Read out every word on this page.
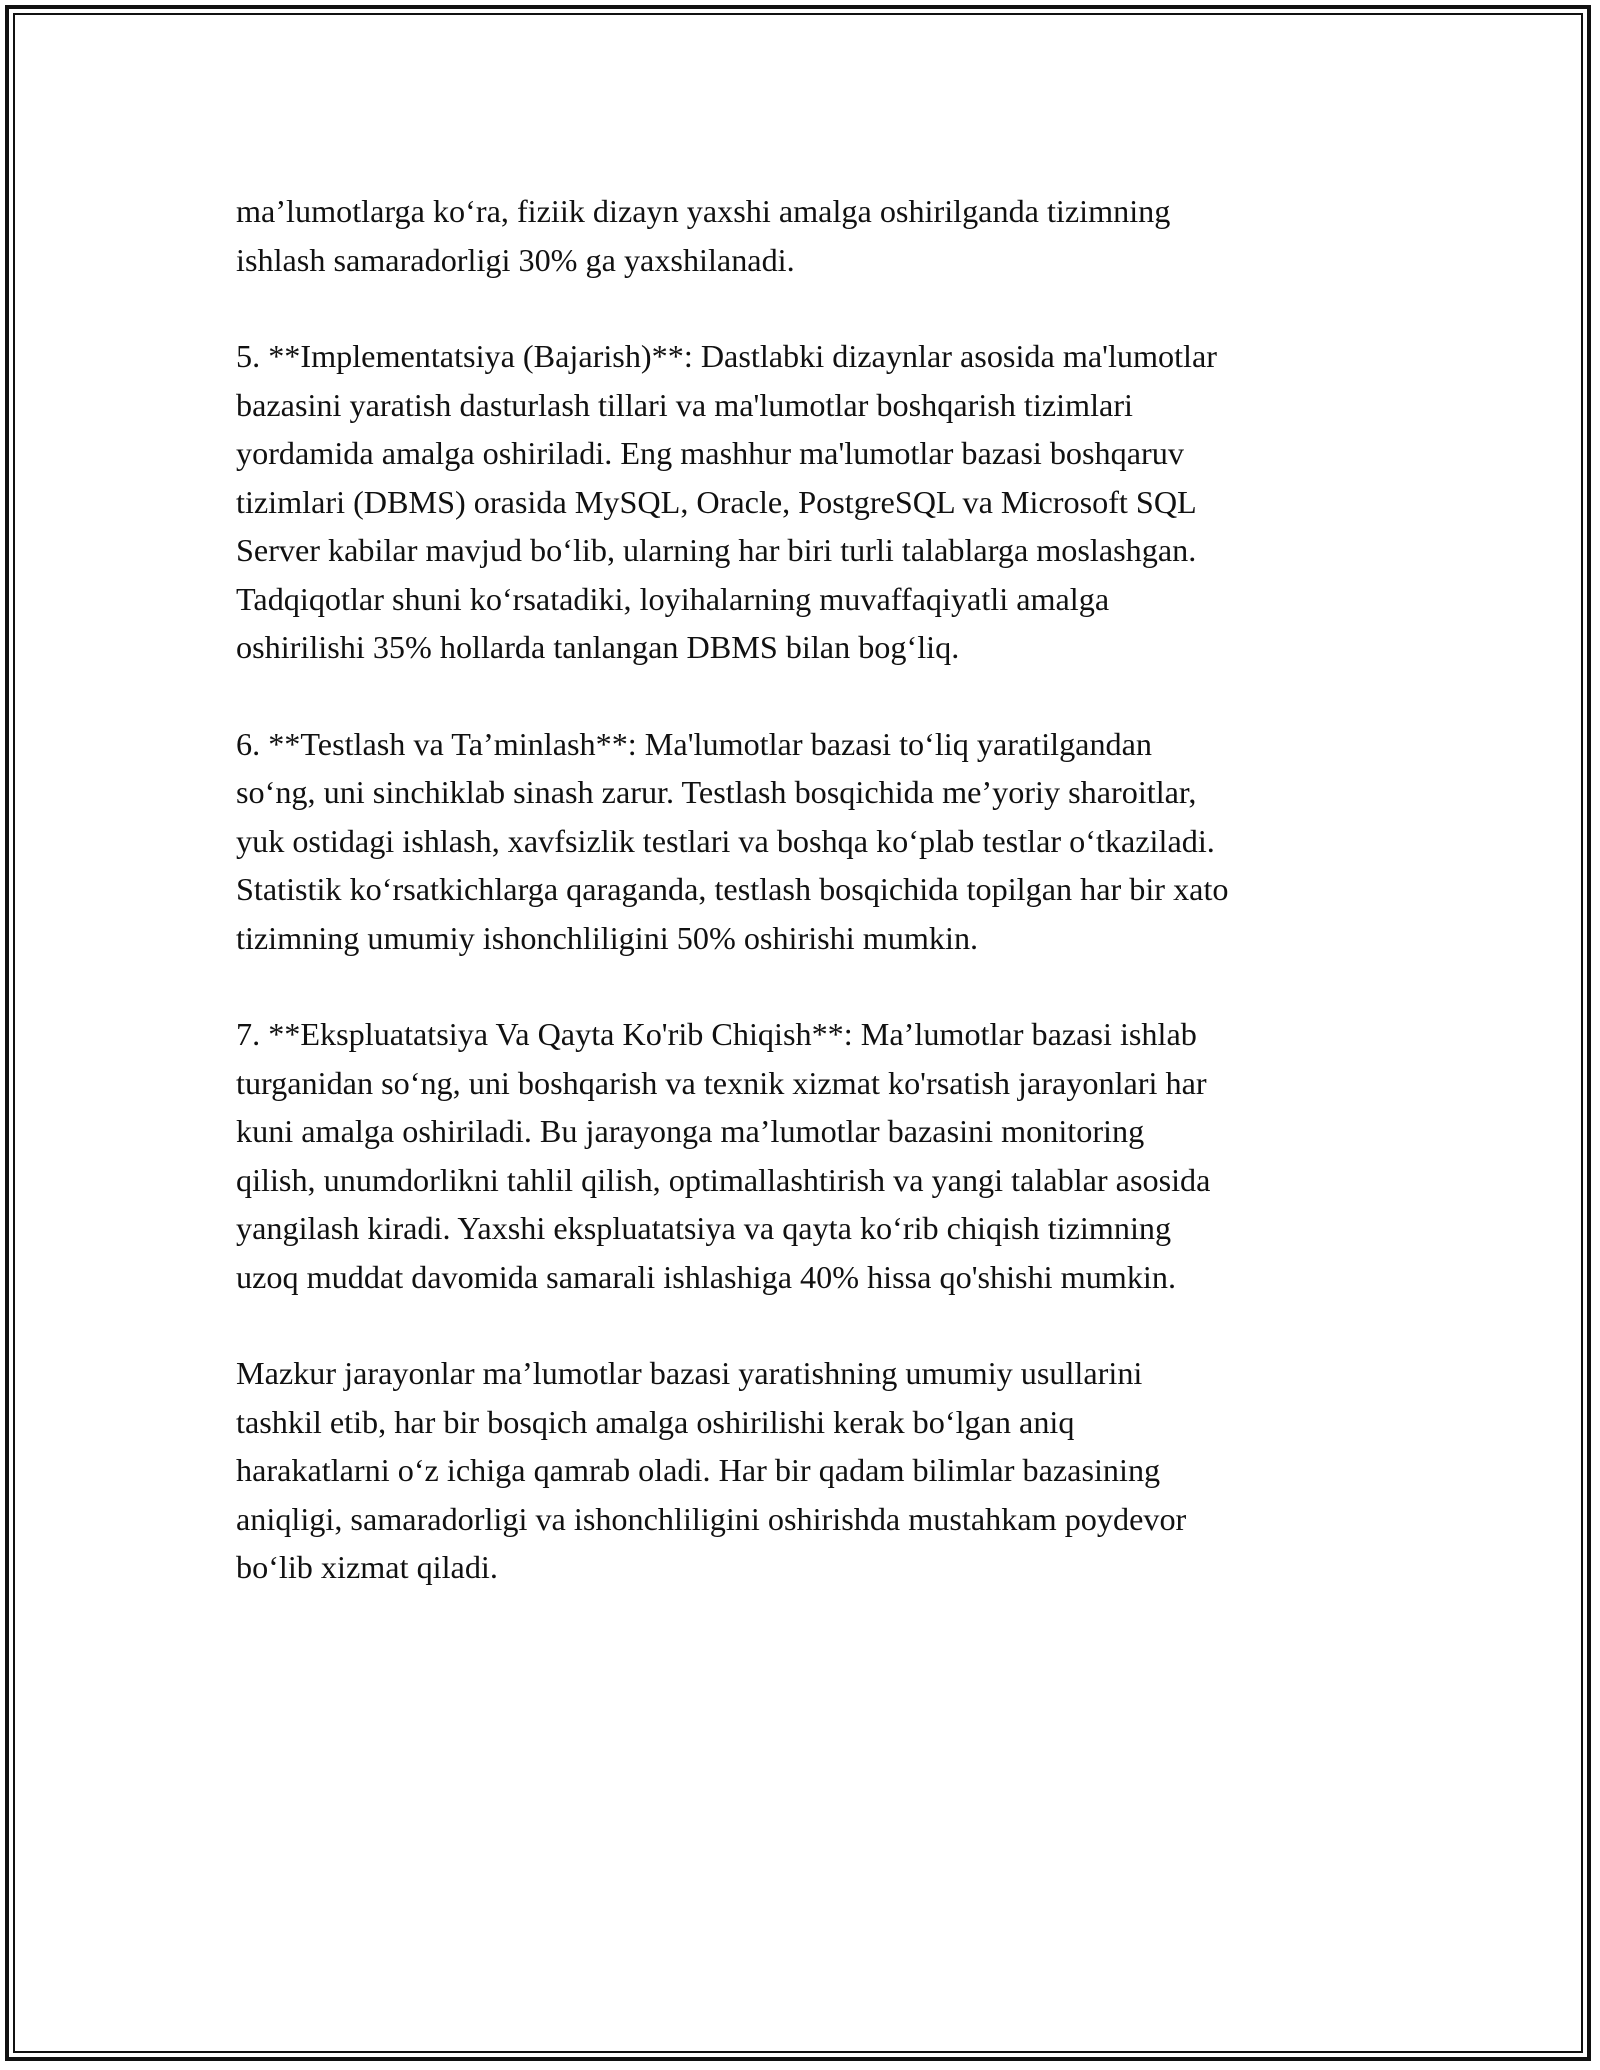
ma’lumotlarga ko‘ra, fiziik dizayn yaxshi amalga oshirilganda tizimning
ishlash samaradorligi 30% ga yaxshilanadi.

5. **Implementatsiya (Bajarish)**: Dastlabki dizaynlar asosida ma'lumotlar
bazasini yaratish dasturlash tillari va ma'lumotlar boshqarish tizimlari
yordamida amalga oshiriladi. Eng mashhur ma'lumotlar bazasi boshqaruv
tizimlari (DBMS) orasida MySQL, Oracle, PostgreSQL va Microsoft SQL
Server kabilar mavjud bo‘lib, ularning har biri turli talablarga moslashgan.
Tadqiqotlar shuni ko‘rsatadiki, loyihalarning muvaffaqiyatli amalga
oshirilishi 35% hollarda tanlangan DBMS bilan bog‘liq.

6. **Testlash va Ta’minlash**: Ma'lumotlar bazasi to‘liq yaratilgandan
so‘ng, uni sinchiklab sinash zarur. Testlash bosqichida me’yoriy sharoitlar,
yuk ostidagi ishlash, xavfsizlik testlari va boshqa ko‘plab testlar o‘tkaziladi.
Statistik ko‘rsatkichlarga qaraganda, testlash bosqichida topilgan har bir xato
tizimning umumiy ishonchliligini 50% oshirishi mumkin.

7. **Ekspluatatsiya Va Qayta Ko'rib Chiqish**: Ma’lumotlar bazasi ishlab
turganidan so‘ng, uni boshqarish va texnik xizmat ko'rsatish jarayonlari har
kuni amalga oshiriladi. Bu jarayonga ma’lumotlar bazasini monitoring
qilish, unumdorlikni tahlil qilish, optimallashtirish va yangi talablar asosida
yangilash kiradi. Yaxshi ekspluatatsiya va qayta ko‘rib chiqish tizimning
uzoq muddat davomida samarali ishlashiga 40% hissa qo'shishi mumkin.

Mazkur jarayonlar ma’lumotlar bazasi yaratishning umumiy usullarini
tashkil etib, har bir bosqich amalga oshirilishi kerak bo‘lgan aniq
harakatlarni o‘z ichiga qamrab oladi. Har bir qadam bilimlar bazasining
aniqligi, samaradorligi va ishonchliligini oshirishda mustahkam poydevor
bo‘lib xizmat qiladi.
